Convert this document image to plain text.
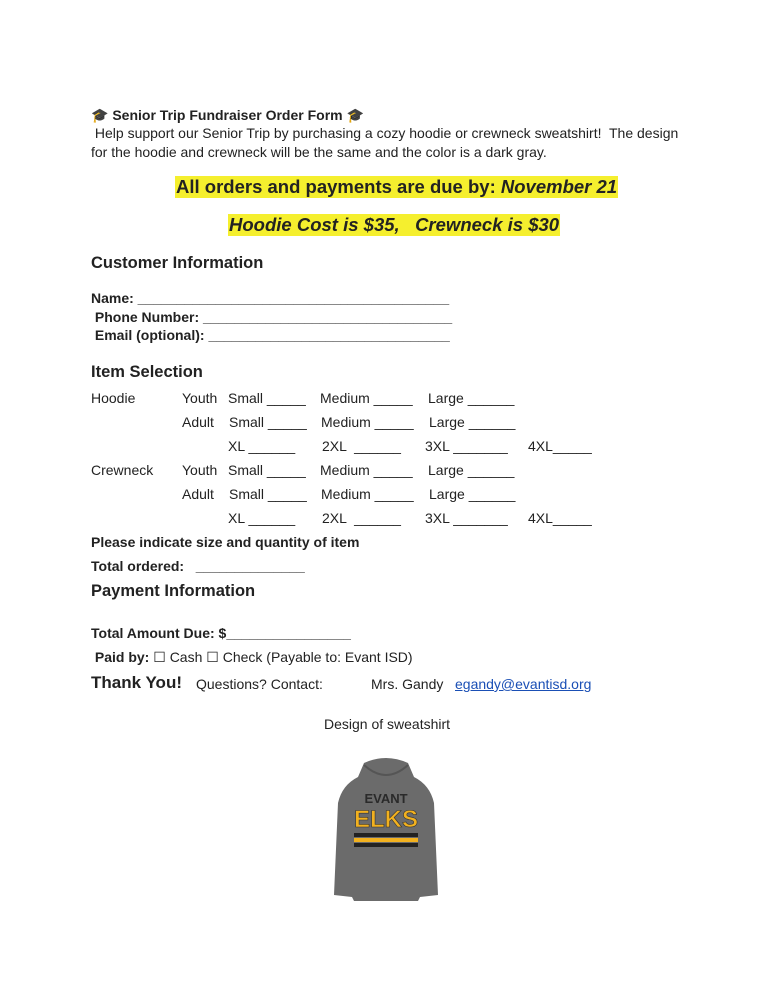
🎓 Senior Trip Fundraiser Order Form 🎓
Help support our Senior Trip by purchasing a cozy hoodie or crewneck sweatshirt!  The design
for the hoodie and crewneck will be the same and the color is a dark gray.
All orders and payments are due by: November 21
Hoodie Cost is $35,   Crewneck is $30
Customer Information
Name: ________________________________________
Phone Number: ________________________________
Email (optional): _______________________________
Item Selection
Hoodie	Youth Small _____ Medium _____ Large ______
Adult Small _____ Medium _____ Large ______
XL ______ 2XL  ______ 3XL _______ 4XL_____
Crewneck Youth Small _____ Medium _____ Large ______
Adult Small _____ Medium _____ Large ______
XL ______ 2XL  ______ 3XL _______ 4XL_____
Please indicate size and quantity of item
Total ordered:   ______________
Payment Information
Total Amount Due: $________________
Paid by: ☐ Cash ☐ Check (Payable to: Evant ISD)
Thank You! Questions? Contact:	Mrs. Gandy egandy@evantisd.org
Design of sweatshirt
EVANT
ELKS
